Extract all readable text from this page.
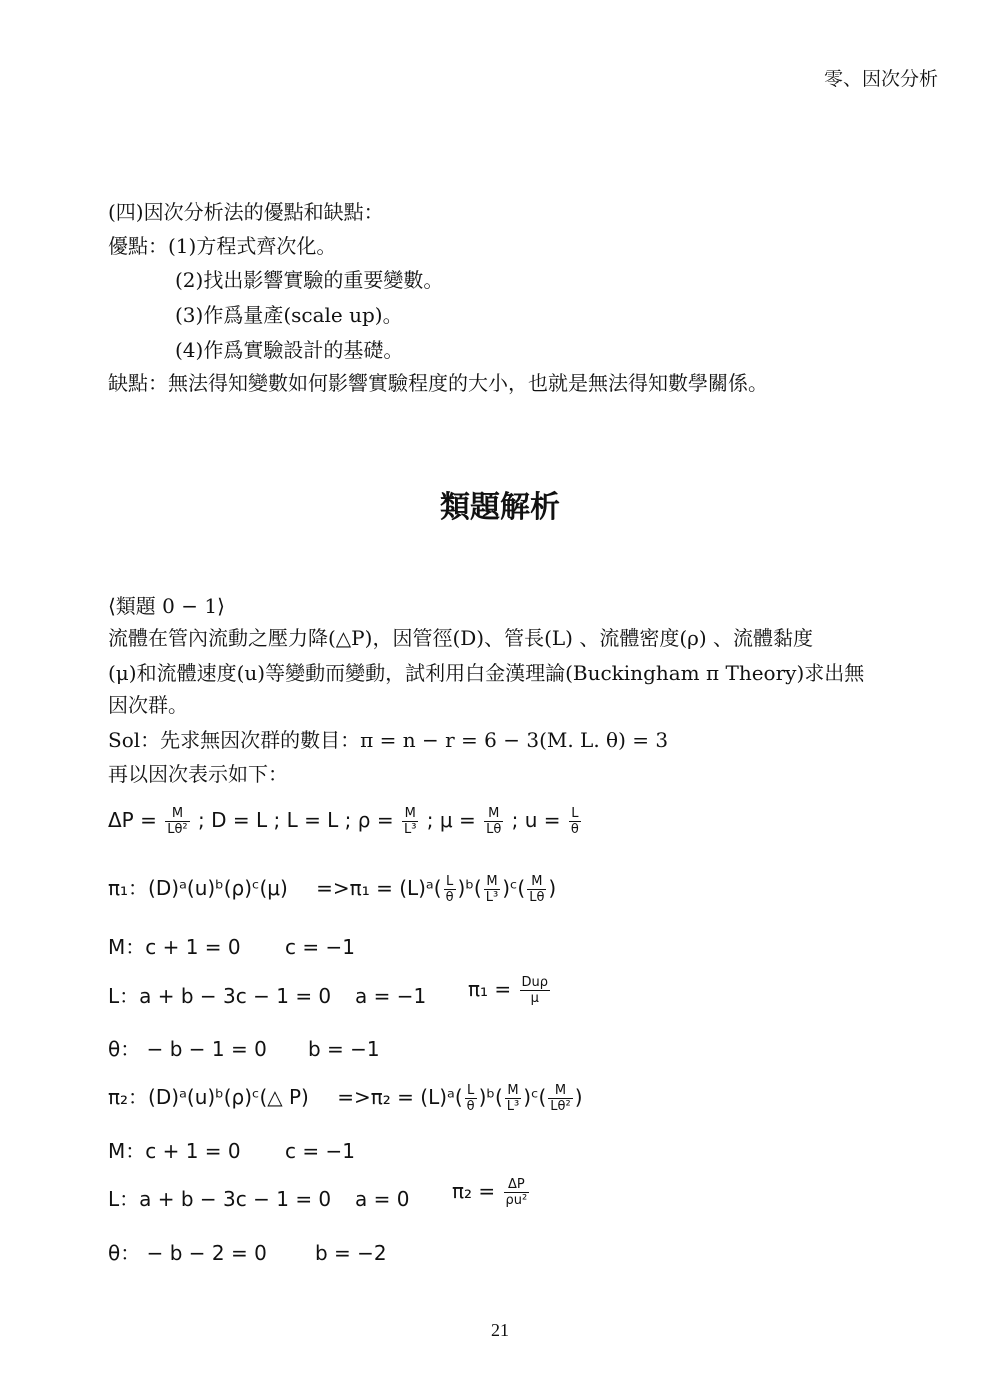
零、因次分析
(四)因次分析法的優點和缺點：
優點：(1)方程式齊次化。
(2)找出影響實驗的重要變數。
(3)作爲量產(scale up)。
(4)作爲實驗設計的基礎。
缺點：無法得知變數如何影響實驗程度的大小，也就是無法得知數學關係。
類題解析
⟨類題 0 − 1⟩
流體在管內流動之壓力降(△P)，因管徑(D)、管長(L) 、流體密度(ρ) 、流體黏度
(μ)和流體速度(u)等變動而變動，試利用白金漢理論(Buckingham π Theory)求出無
因次群。
Sol：先求無因次群的數目：π = n − r = 6 − 3(M. L. θ) = 3
再以因次表示如下：
$\Delta P = \frac{M}{\text{Lθ²}}$ ; D = L ; L = L ; $\rho = \frac{M}{\text{L³}}$ ; $\mu = \frac{M}{L\theta}$ ; $u = \frac{L}{\theta}$
π₁：(D)ᵃ(u)ᵇ(ρ)ᶜ(μ) =>π₁ = (L)ᵃ( $\frac{L}{\theta}$ )ᵇ( $\frac{M}{\text{L³}}$ )ᶜ( $\frac{M}{L\theta}$ )
M：c + 1 = 0 c = −1
L：a + b − 3c − 1 = 0 a = −1 $\pi_1 = \frac{\text{Duρ}}{\mu}$
θ： − b − 1 = 0 b = −1
π₂：(D)ᵃ(u)ᵇ(ρ)ᶜ(△ P) =>π₂ = (L)ᵃ( $\frac{L}{\theta}$ )ᵇ( $\frac{M}{\text{L³}}$ )ᶜ( $\frac{M}{\text{Lθ²}}$ )
M：c + 1 = 0 c = −1
L：a + b − 3c − 1 = 0 a = 0 $\pi_2 = \frac{\Delta P}{\text{ρu²}}$
θ： − b − 2 = 0 b = −2
21
